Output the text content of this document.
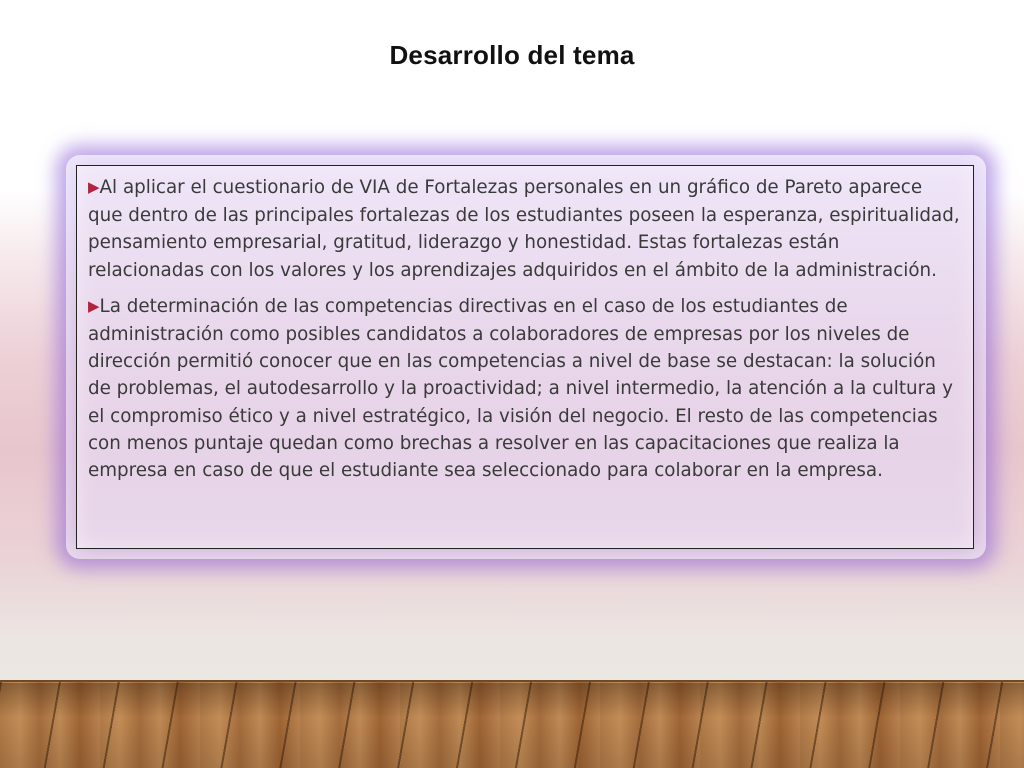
Desarrollo del tema

▶Al aplicar el cuestionario de VIA de Fortalezas personales en un gráfico de Pareto aparece que dentro de las principales fortalezas de los estudiantes poseen la esperanza, espiritualidad, pensamiento empresarial, gratitud, liderazgo y honestidad. Estas fortalezas están relacionadas con los valores y los aprendizajes adquiridos en el ámbito de la administración.

▶La determinación de las competencias directivas en el caso de los estudiantes de administración como posibles candidatos a colaboradores de empresas por los niveles de dirección permitió conocer que en las competencias a nivel de base se destacan: la solución de problemas, el autodesarrollo y la proactividad; a nivel intermedio, la atención a la cultura y el compromiso ético y a nivel estratégico, la visión del negocio. El resto de las competencias con menos puntaje quedan como brechas a resolver en las capacitaciones que realiza la empresa en caso de que el estudiante sea seleccionado para colaborar en la empresa.
